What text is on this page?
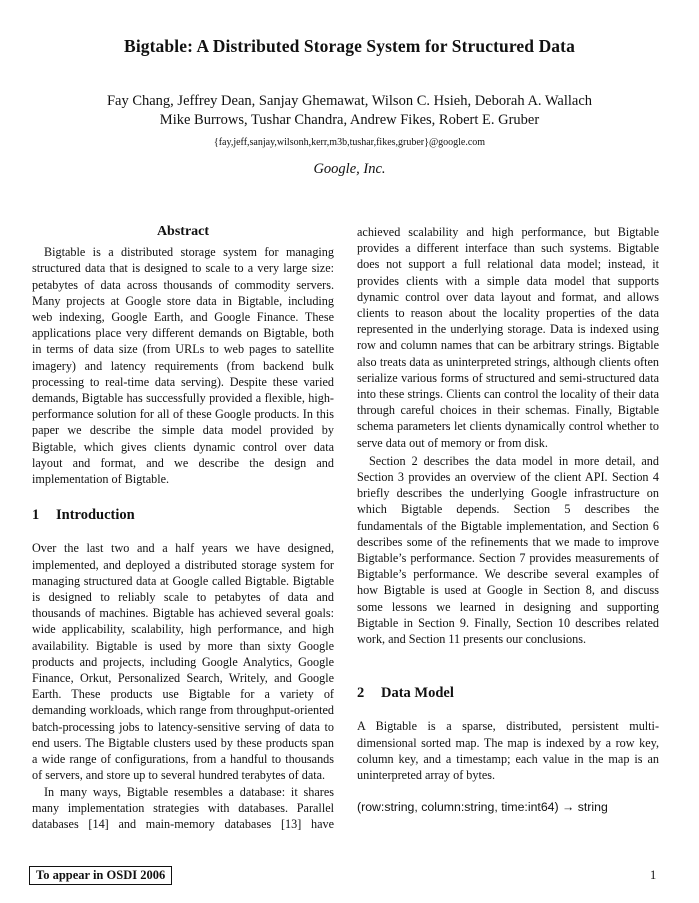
Bigtable: A Distributed Storage System for Structured Data
Fay Chang, Jeffrey Dean, Sanjay Ghemawat, Wilson C. Hsieh, Deborah A. Wallach
Mike Burrows, Tushar Chandra, Andrew Fikes, Robert E. Gruber
{fay,jeff,sanjay,wilsonh,kerr,m3b,tushar,fikes,gruber}@google.com
Google, Inc.
Abstract

Bigtable is a distributed storage system for managing structured data that is designed to scale to a very large size: petabytes of data across thousands of commodity servers. Many projects at Google store data in Bigtable, including web indexing, Google Earth, and Google Finance. These applications place very different demands on Bigtable, both in terms of data size (from URLs to web pages to satellite imagery) and latency requirements (from backend bulk processing to real-time data serving). Despite these varied demands, Bigtable has successfully provided a flexible, high-performance solution for all of these Google products. In this paper we describe the simple data model provided by Bigtable, which gives clients dynamic control over data layout and format, and we describe the design and implementation of Bigtable.

1	Introduction

Over the last two and a half years we have designed, implemented, and deployed a distributed storage system for managing structured data at Google called Bigtable. Bigtable is designed to reliably scale to petabytes of data and thousands of machines. Bigtable has achieved several goals: wide applicability, scalability, high performance, and high availability. Bigtable is used by more than sixty Google products and projects, including Google Analytics, Google Finance, Orkut, Personalized Search, Writely, and Google Earth. These products use Bigtable for a variety of demanding workloads, which range from throughput-oriented batch-processing jobs to latency-sensitive serving of data to end users. The Bigtable clusters used by these products span a wide range of configurations, from a handful to thousands of servers, and store up to several hundred terabytes of data.

In many ways, Bigtable resembles a database: it shares many implementation strategies with databases. Parallel databases [14] and main-memory databases [13] have

achieved scalability and high performance, but Bigtable provides a different interface than such systems. Bigtable does not support a full relational data model; instead, it provides clients with a simple data model that supports dynamic control over data layout and format, and allows clients to reason about the locality properties of the data represented in the underlying storage. Data is indexed using row and column names that can be arbitrary strings. Bigtable also treats data as uninterpreted strings, although clients often serialize various forms of structured and semi-structured data into these strings. Clients can control the locality of their data through careful choices in their schemas. Finally, Bigtable schema parameters let clients dynamically control whether to serve data out of memory or from disk.

Section 2 describes the data model in more detail, and Section 3 provides an overview of the client API. Section 4 briefly describes the underlying Google infrastructure on which Bigtable depends. Section 5 describes the fundamentals of the Bigtable implementation, and Section 6 describes some of the refinements that we made to improve Bigtable’s performance. Section 7 provides measurements of Bigtable’s performance. We describe several examples of how Bigtable is used at Google in Section 8, and discuss some lessons we learned in designing and supporting Bigtable in Section 9. Finally, Section 10 describes related work, and Section 11 presents our conclusions.

2	Data Model

A Bigtable is a sparse, distributed, persistent multi-dimensional sorted map. The map is indexed by a row key, column key, and a timestamp; each value in the map is an uninterpreted array of bytes.

(row:string, column:string, time:int64) → string

To appear in OSDI 2006	1
